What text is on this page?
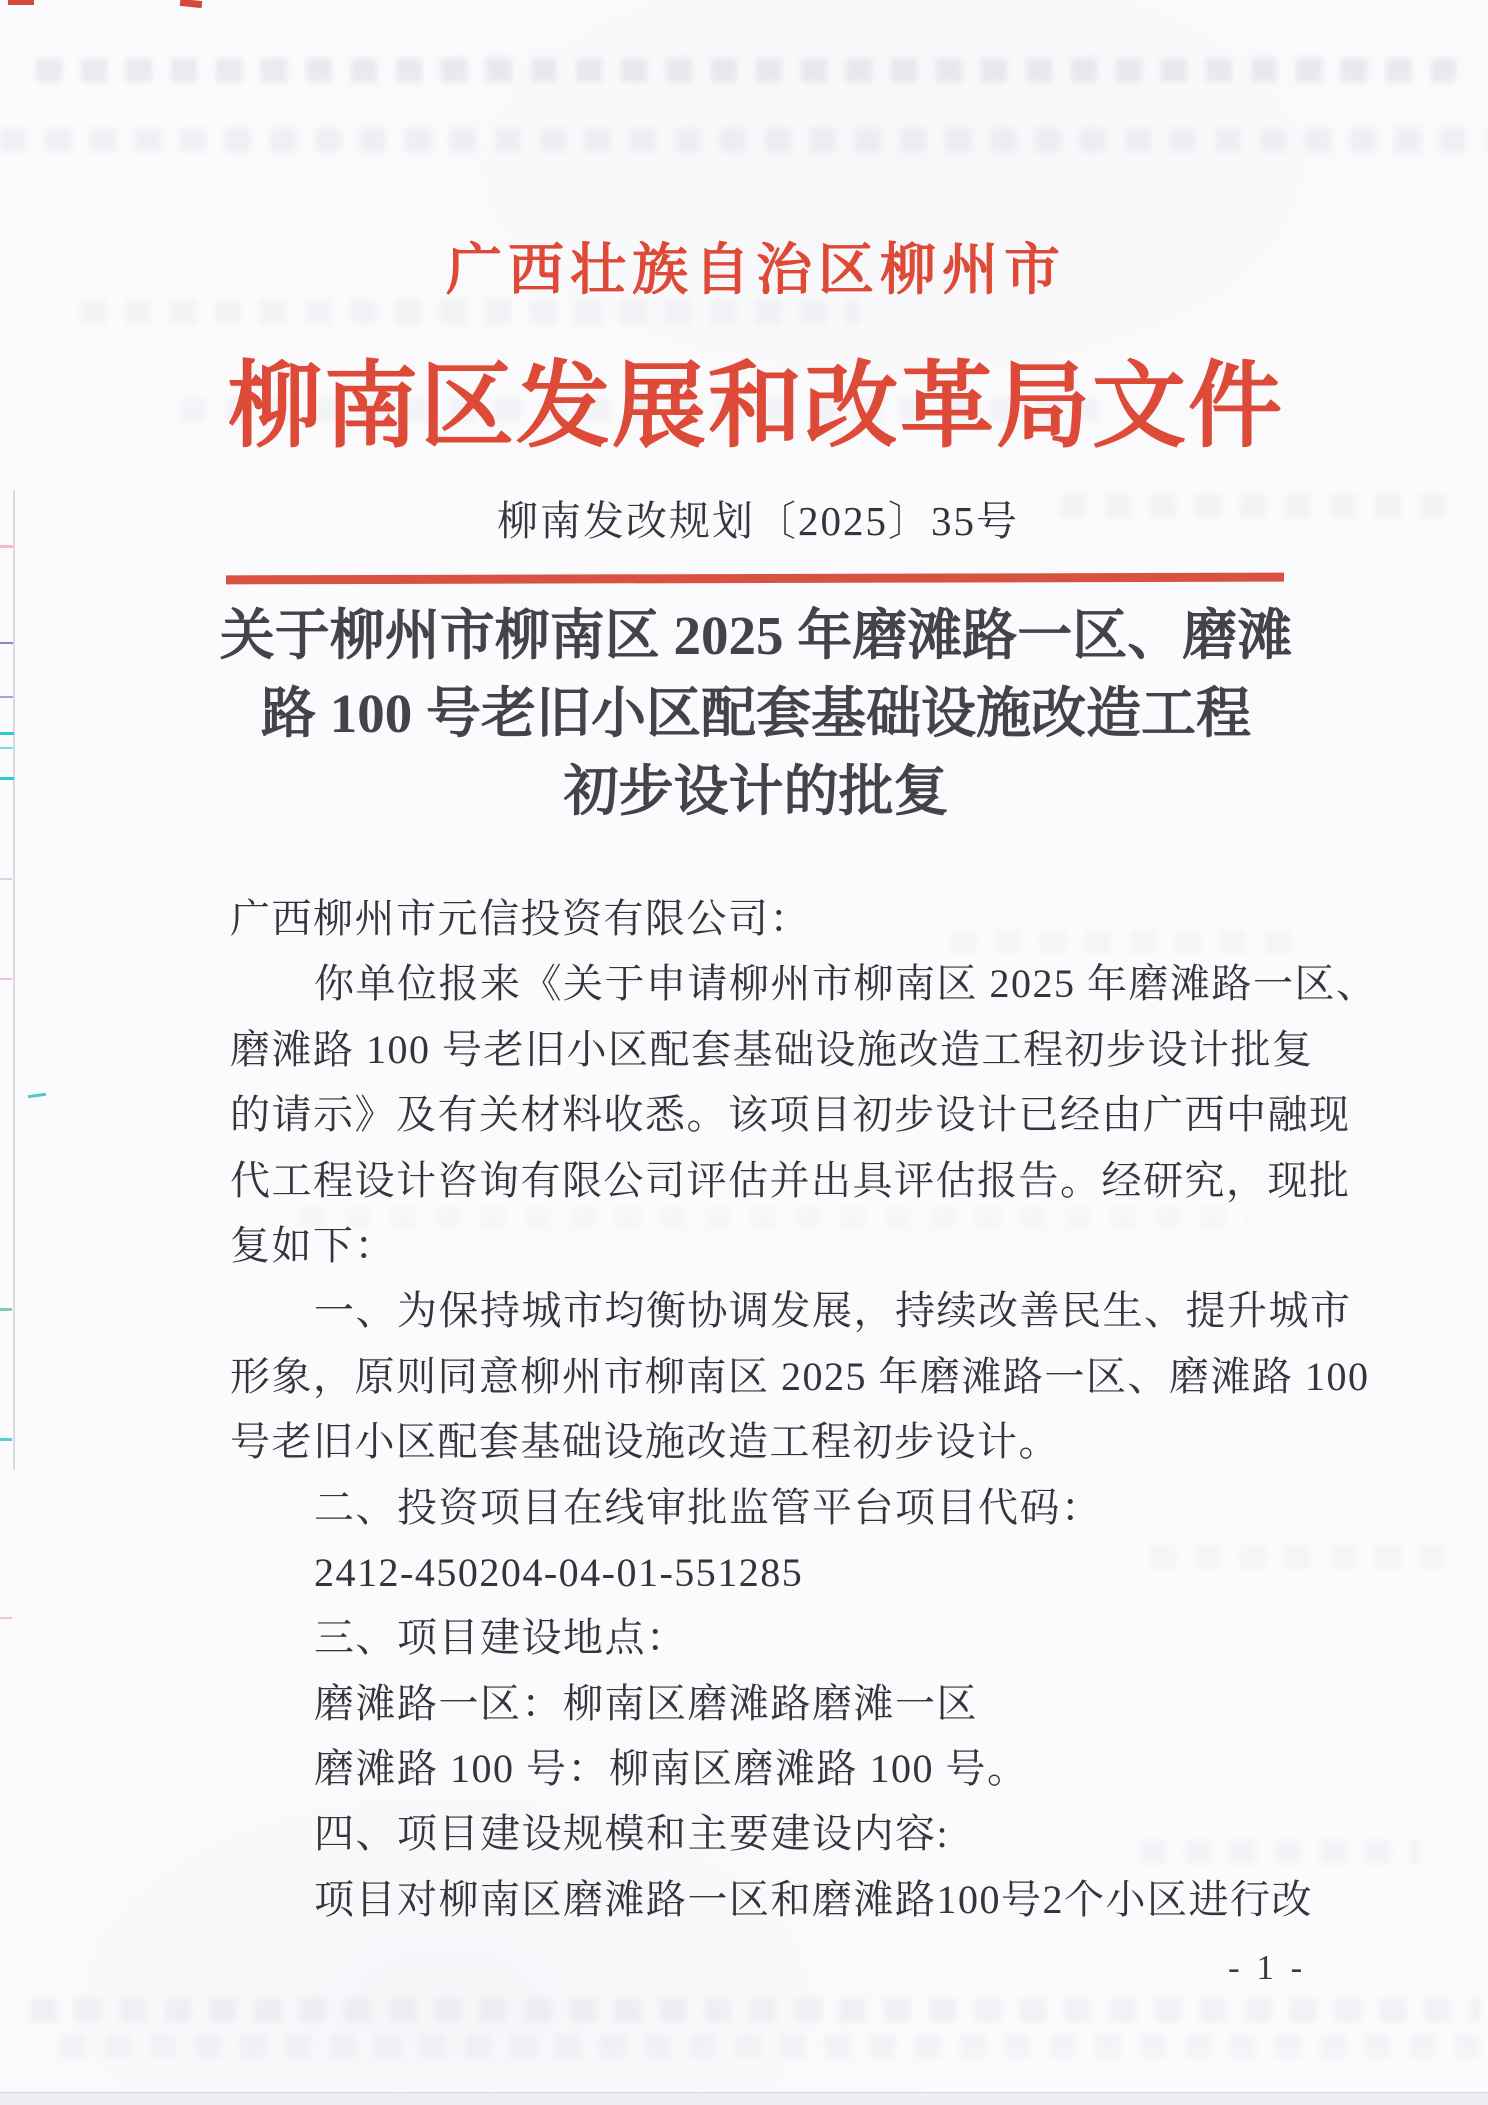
广西壮族自治区柳州市
柳南区发展和改革局文件
柳南发改规划〔2025〕35号
关于柳州市柳南区 2025 年磨滩路一区、磨滩
路 100 号老旧小区配套基础设施改造工程
初步设计的批复
广西柳州市元信投资有限公司：
你单位报来《关于申请柳州市柳南区 2025 年磨滩路一区、
磨滩路 100 号老旧小区配套基础设施改造工程初步设计批复
的请示》及有关材料收悉。该项目初步设计已经由广西中融现
代工程设计咨询有限公司评估并出具评估报告。经研究，现批
复如下：
一、为保持城市均衡协调发展，持续改善民生、提升城市
形象，原则同意柳州市柳南区 2025 年磨滩路一区、磨滩路 100
号老旧小区配套基础设施改造工程初步设计。
二、投资项目在线审批监管平台项目代码：
2412-450204-04-01-551285
三、项目建设地点：
磨滩路一区：柳南区磨滩路磨滩一区
磨滩路 100 号：柳南区磨滩路 100 号。
四、项目建设规模和主要建设内容:
项目对柳南区磨滩路一区和磨滩路100号2个小区进行改
- 1 -
